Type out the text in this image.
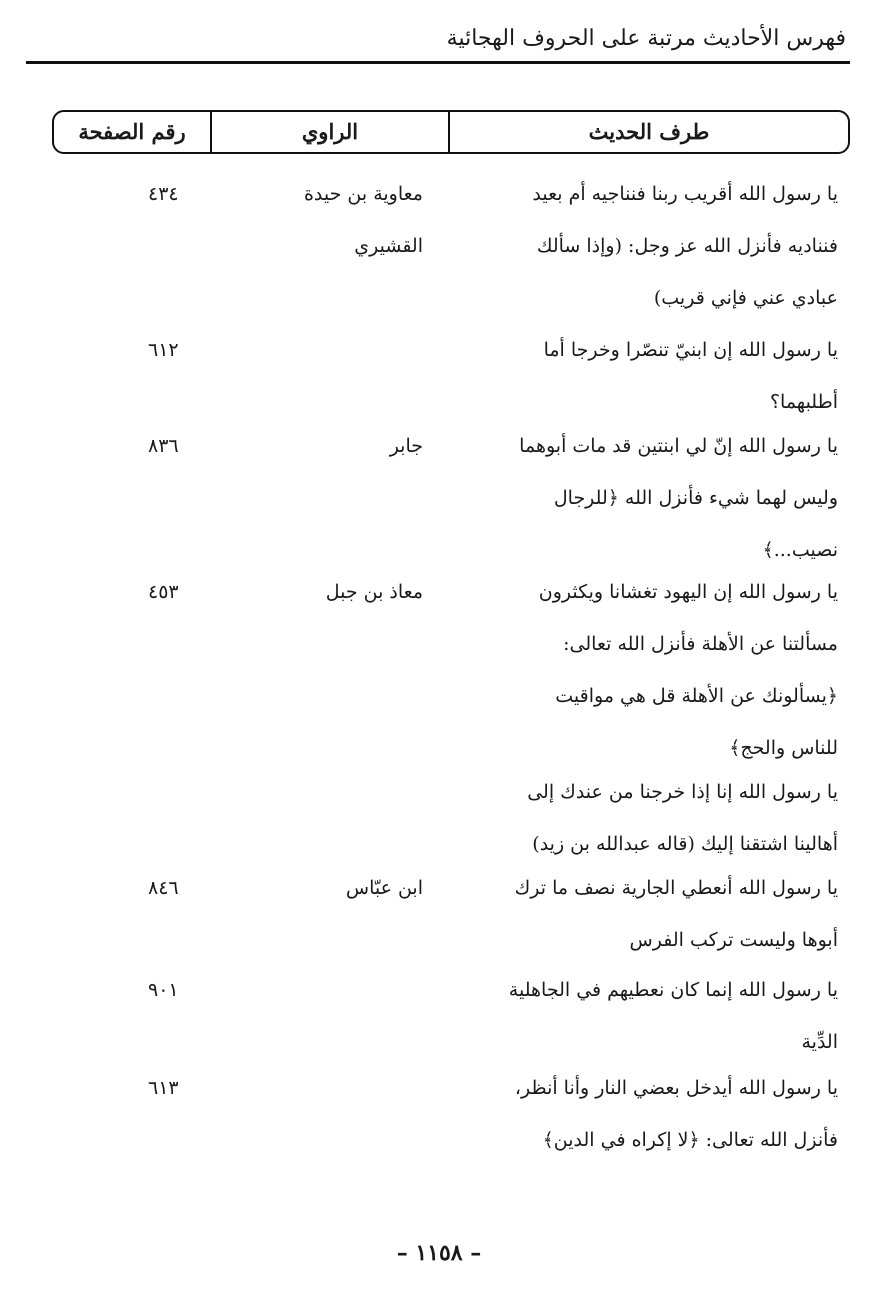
فهرس الأحاديث مرتبة على الحروف الهجائية
طرف الحديث
الراوي
رقم الصفحة
يا رسول الله أقريب ربنا فنناجيه أم بعيد
فنناديه فأنزل الله عز وجل: (وإذا سألك
عبادي عني فإني قريب)
معاوية بن حيدة
القشيري
٤٣٤
يا رسول الله إن ابنيّ تنصّرا وخرجا أما
أطلبهما؟
٦١٢
يا رسول الله إنّ لي ابنتين قد مات أبوهما
وليس لهما شيء فأنزل الله ﴿للرجال
نصيب...﴾
جابر
٨٣٦
يا رسول الله إن اليهود تغشانا ويكثرون
مسألتنا عن الأهلة فأنزل الله تعالى:
﴿يسألونك عن الأهلة قل هي مواقيت
للناس والحج﴾
معاذ بن جبل
٤٥٣
يا رسول الله إنا إذا خرجنا من عندك إلى
أهالينا اشتقنا إليك (قاله عبدالله بن زيد)
يا رسول الله أنعطي الجارية نصف ما ترك
أبوها وليست تركب الفرس
ابن عبّاس
٨٤٦
يا رسول الله إنما كان نعطيهم في الجاهلية
الدِّية
٩٠١
يا رسول الله أيدخل بعضي النار وأنا أنظر،
فأنزل الله تعالى: ﴿لا إكراه في الدين﴾
٦١٣
– ١١٥٨ –
